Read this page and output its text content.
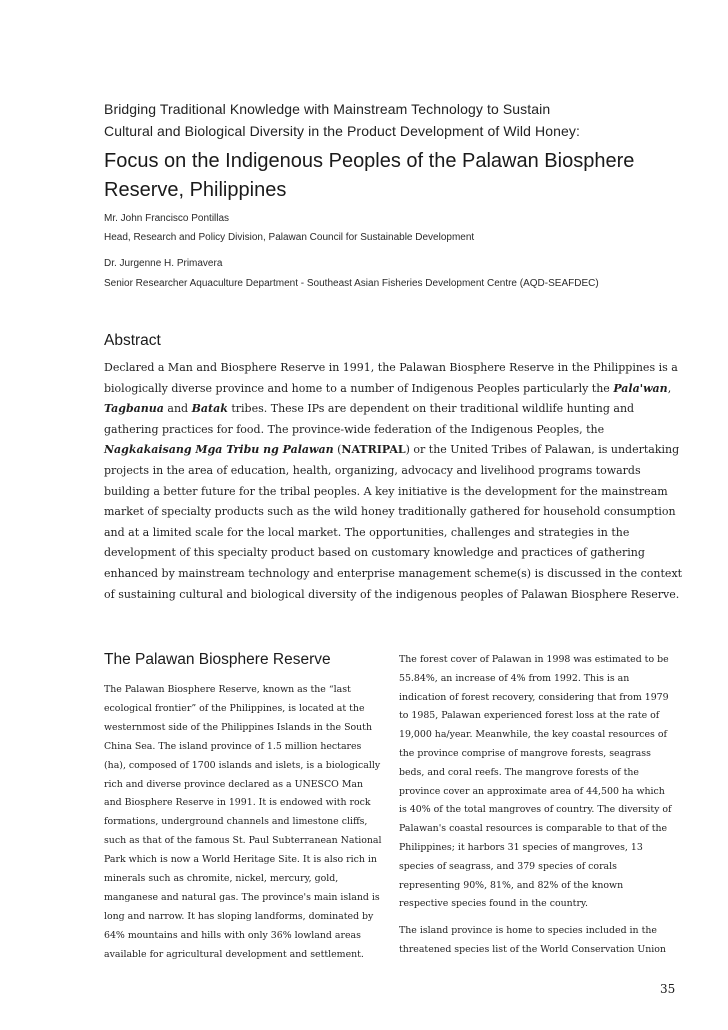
Bridging Traditional Knowledge with Mainstream Technology to Sustain
Cultural and Biological Diversity in the Product Development of Wild Honey:
Focus on the Indigenous Peoples of the Palawan Biosphere
Reserve, Philippines
Mr. John Francisco Pontillas
Head, Research and Policy Division, Palawan Council for Sustainable Development
Dr. Jurgenne H. Primavera
Senior Researcher Aquaculture Department - Southeast Asian Fisheries Development Centre (AQD-SEAFDEC)
Abstract

Declared a Man and Biosphere Reserve in 1991, the Palawan Biosphere Reserve in the Philippines is a biologically diverse province and home to a number of Indigenous Peoples particularly the Pala'wan, Tagbanua and Batak tribes. These IPs are dependent on their traditional wildlife hunting and gathering practices for food. The province-wide federation of the Indigenous Peoples, the Nagkakaisang Mga Tribu ng Palawan (NATRIPAL) or the United Tribes of Palawan, is undertaking projects in the area of education, health, organizing, advocacy and livelihood programs towards building a better future for the tribal peoples. A key initiative is the development for the mainstream market of specialty products such as the wild honey traditionally gathered for household consumption and at a limited scale for the local market. The opportunities, challenges and strategies in the development of this specialty product based on customary knowledge and practices of gathering enhanced by mainstream technology and enterprise management scheme(s) is discussed in the context of sustaining cultural and biological diversity of the indigenous peoples of Palawan Biosphere Reserve.

The Palawan Biosphere Reserve

The Palawan Biosphere Reserve, known as the “last ecological frontier” of the Philippines, is located at the westernmost side of the Philippines Islands in the South China Sea. The island province of 1.5 million hectares (ha), composed of 1700 islands and islets, is a biologically rich and diverse province declared as a UNESCO Man and Biosphere Reserve in 1991. It is endowed with rock formations, underground channels and limestone cliffs, such as that of the famous St. Paul Subterranean National Park which is now a World Heritage Site. It is also rich in minerals such as chromite, nickel, mercury, gold, manganese and natural gas. The province's main island is long and narrow. It has sloping landforms, dominated by 64% mountains and hills with only 36% lowland areas available for agricultural development and settlement.

The forest cover of Palawan in 1998 was estimated to be 55.84%, an increase of 4% from 1992. This is an indication of forest recovery, considering that from 1979 to 1985, Palawan experienced forest loss at the rate of 19,000 ha/year. Meanwhile, the key coastal resources of the province comprise of mangrove forests, seagrass beds, and coral reefs. The mangrove forests of the province cover an approximate area of 44,500 ha which is 40% of the total mangroves of country. The diversity of Palawan's coastal resources is comparable to that of the Philippines; it harbors 31 species of mangroves, 13 species of seagrass, and 379 species of corals representing 90%, 81%, and 82% of the known respective species found in the country.

The island province is home to species included in the threatened species list of the World Conservation Union

35
